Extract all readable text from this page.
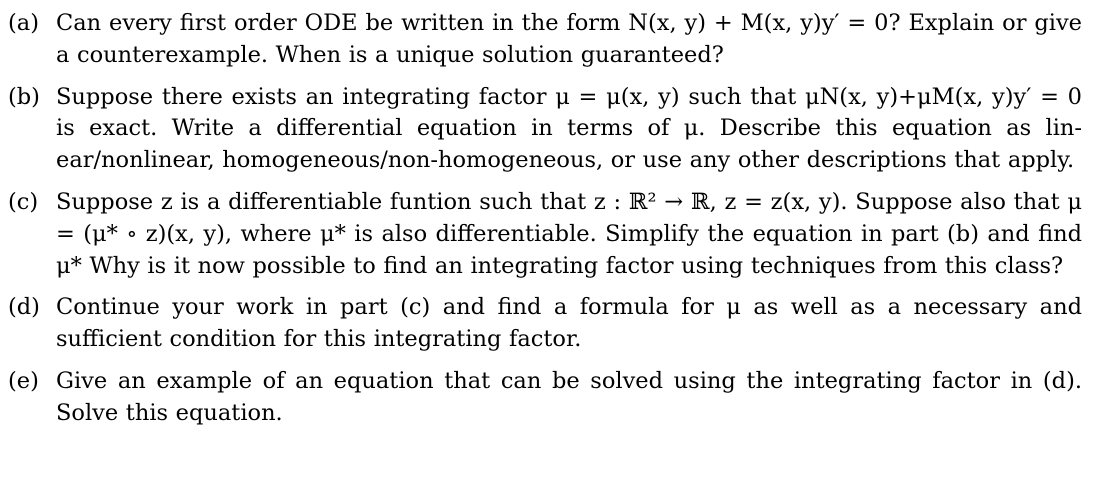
(a) Can every first order ODE be written in the form N(x, y) + M(x, y)y′ = 0? Explain or give a counterexample. When is a unique solution guaranteed?
(b) Suppose there exists an integrating factor μ = μ(x, y) such that μN(x, y)+μM(x, y)y′ = 0 is exact. Write a differential equation in terms of μ. Describe this equation as lin-ear/nonlinear, homogeneous/non-homogeneous, or use any other descriptions that apply.
(c) Suppose z is a differentiable funtion such that z : ℝ² → ℝ, z = z(x, y). Suppose also that μ = (μ* ∘ z)(x, y), where μ* is also differentiable. Simplify the equation in part (b) and find μ* Why is it now possible to find an integrating factor using techniques from this class?
(d) Continue your work in part (c) and find a formula for μ as well as a necessary and sufficient condition for this integrating factor.
(e) Give an example of an equation that can be solved using the integrating factor in (d). Solve this equation.
